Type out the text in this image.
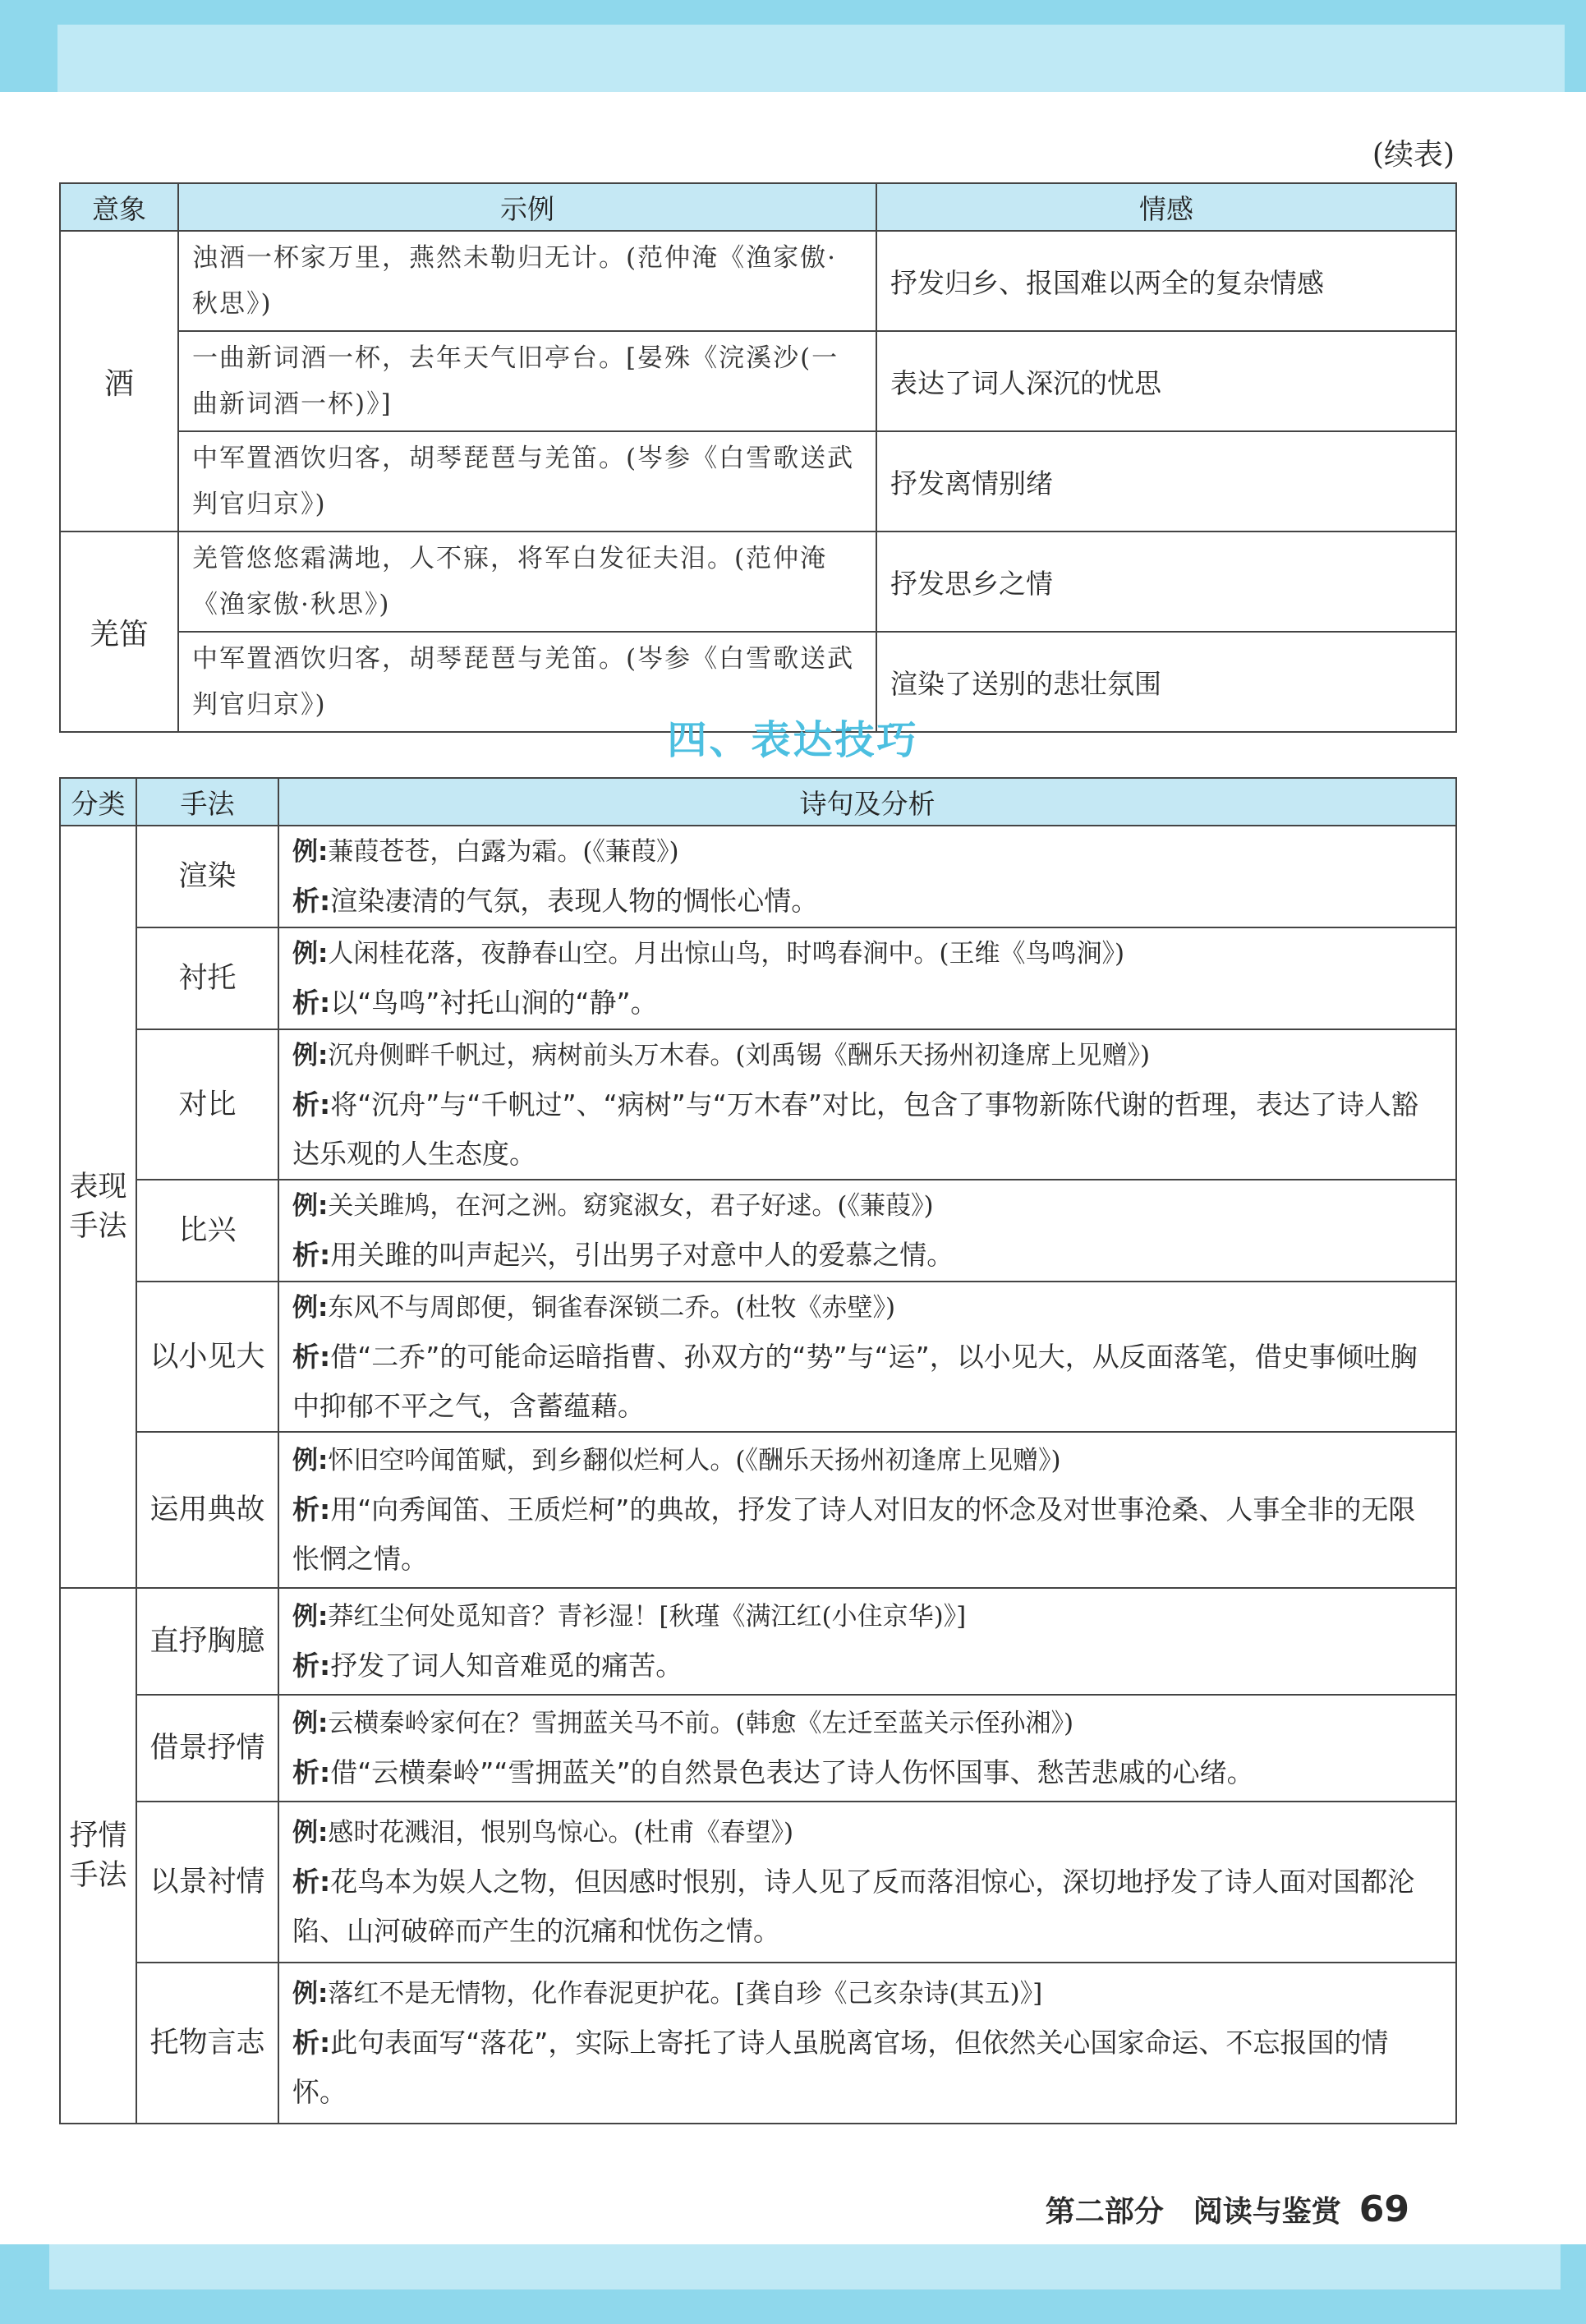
(续表)
意象	示例	情感
酒	浊酒一杯家万里，燕然未勒归无计。(范仲淹《渔家傲·秋思》)	抒发归乡、报国难以两全的复杂情感
	一曲新词酒一杯，去年天气旧亭台。[晏殊《浣溪沙(一曲新词酒一杯)》]	表达了词人深沉的忧思
	中军置酒饮归客，胡琴琵琶与羌笛。(岑参《白雪歌送武判官归京》)	抒发离情别绪
羌笛	羌管悠悠霜满地，人不寐，将军白发征夫泪。(范仲淹《渔家傲·秋思》)	抒发思乡之情
	中军置酒饮归客，胡琴琵琶与羌笛。(岑参《白雪歌送武判官归京》)	渲染了送别的悲壮氛围
四、表达技巧
分类	手法	诗句及分析
表现手法	渲染	例:蒹葭苍苍，白露为霜。(《蒹葭》)
析:渲染凄清的气氛，表现人物的惆怅心情。

	衬托	例:人闲桂花落，夜静春山空。月出惊山鸟，时鸣春涧中。(王维《鸟鸣涧》)
析:以“鸟鸣”衬托山涧的“静”。

	对比	例:沉舟侧畔千帆过，病树前头万木春。(刘禹锡《酬乐天扬州初逢席上见赠》)
析:将“沉舟”与“千帆过”、“病树”与“万木春”对比，包含了事物新陈代谢的哲理，表达了诗人豁达乐观的人生态度。

	比兴	例:关关雎鸠，在河之洲。窈窕淑女，君子好逑。(《蒹葭》)
析:用关雎的叫声起兴，引出男子对意中人的爱慕之情。

	以小见大	例:东风不与周郎便，铜雀春深锁二乔。(杜牧《赤壁》)
析:借“二乔”的可能命运暗指曹、孙双方的“势”与“运”，以小见大，从反面落笔，借史事倾吐胸中抑郁不平之气，含蓄蕴藉。

	运用典故	例:怀旧空吟闻笛赋，到乡翻似烂柯人。(《酬乐天扬州初逢席上见赠》)
析:用“向秀闻笛、王质烂柯”的典故，抒发了诗人对旧友的怀念及对世事沧桑、人事全非的无限怅惘之情。

抒情手法	直抒胸臆	例:莽红尘何处觅知音？青衫湿！[秋瑾《满江红(小住京华)》]
析:抒发了词人知音难觅的痛苦。

	借景抒情	例:云横秦岭家何在？雪拥蓝关马不前。(韩愈《左迁至蓝关示侄孙湘》)
析:借“云横秦岭”“雪拥蓝关”的自然景色表达了诗人伤怀国事、愁苦悲戚的心绪。

	以景衬情	例:感时花溅泪，恨别鸟惊心。(杜甫《春望》)
析:花鸟本为娱人之物，但因感时恨别，诗人见了反而落泪惊心，深切地抒发了诗人面对国都沦陷、山河破碎而产生的沉痛和忧伤之情。

	托物言志	例:落红不是无情物，化作春泥更护花。[龚自珍《己亥杂诗(其五)》]
析:此句表面写“落花”，实际上寄托了诗人虽脱离官场，但依然关心国家命运、不忘报国的情怀。
第二部分　阅读与鉴赏 69
